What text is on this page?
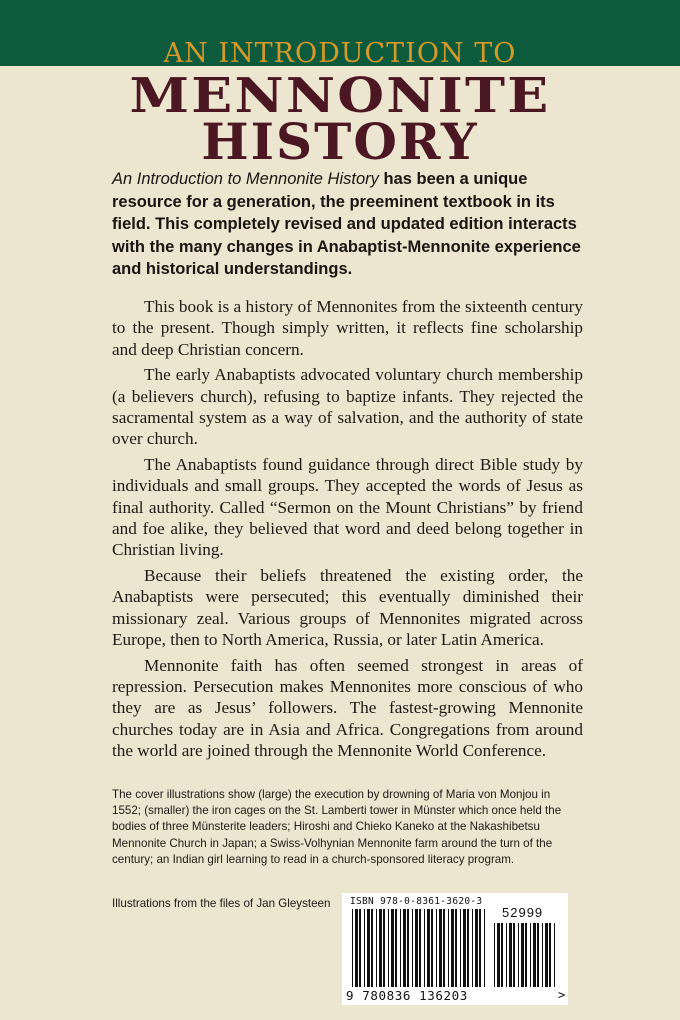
AN INTRODUCTION TO
MENNONITE
HISTORY
An Introduction to Mennonite History has been a unique resource for a generation, the preeminent textbook in its field. This completely revised and updated edition interacts with the many changes in Anabaptist-Mennonite experience and historical understandings.

This book is a history of Mennonites from the sixteenth century to the present. Though simply written, it reflects fine scholarship and deep Christian concern.

The early Anabaptists advocated voluntary church membership (a believers church), refusing to baptize infants. They rejected the sacramental system as a way of salvation, and the authority of state over church.

The Anabaptists found guidance through direct Bible study by individuals and small groups. They accepted the words of Jesus as final authority. Called “Sermon on the Mount Christians” by friend and foe alike, they believed that word and deed belong together in Christian living.

Because their beliefs threatened the existing order, the Anabaptists were persecuted; this eventually diminished their missionary zeal. Various groups of Mennonites migrated across Europe, then to North America, Russia, or later Latin America.

Mennonite faith has often seemed strongest in areas of repression. Persecution makes Mennonites more conscious of who they are as Jesus’ followers. The fastest-growing Mennonite churches today are in Asia and Africa. Congregations from around the world are joined through the Mennonite World Conference.

The cover illustrations show (large) the execution by drowning of Maria von Monjou in 1552; (smaller) the iron cages on the St. Lamberti tower in Münster which once held the bodies of three Münsterite leaders; Hiroshi and Chieko Kaneko at the Nakashibetsu Mennonite Church in Japan; a Swiss-Volhynian Mennonite farm around the turn of the century; an Indian girl learning to read in a church-sponsored literacy program.
Illustrations from the files of Jan Gleysteen ISBN 978-0-8361-3620-3
52999
9 780836 136203	>
